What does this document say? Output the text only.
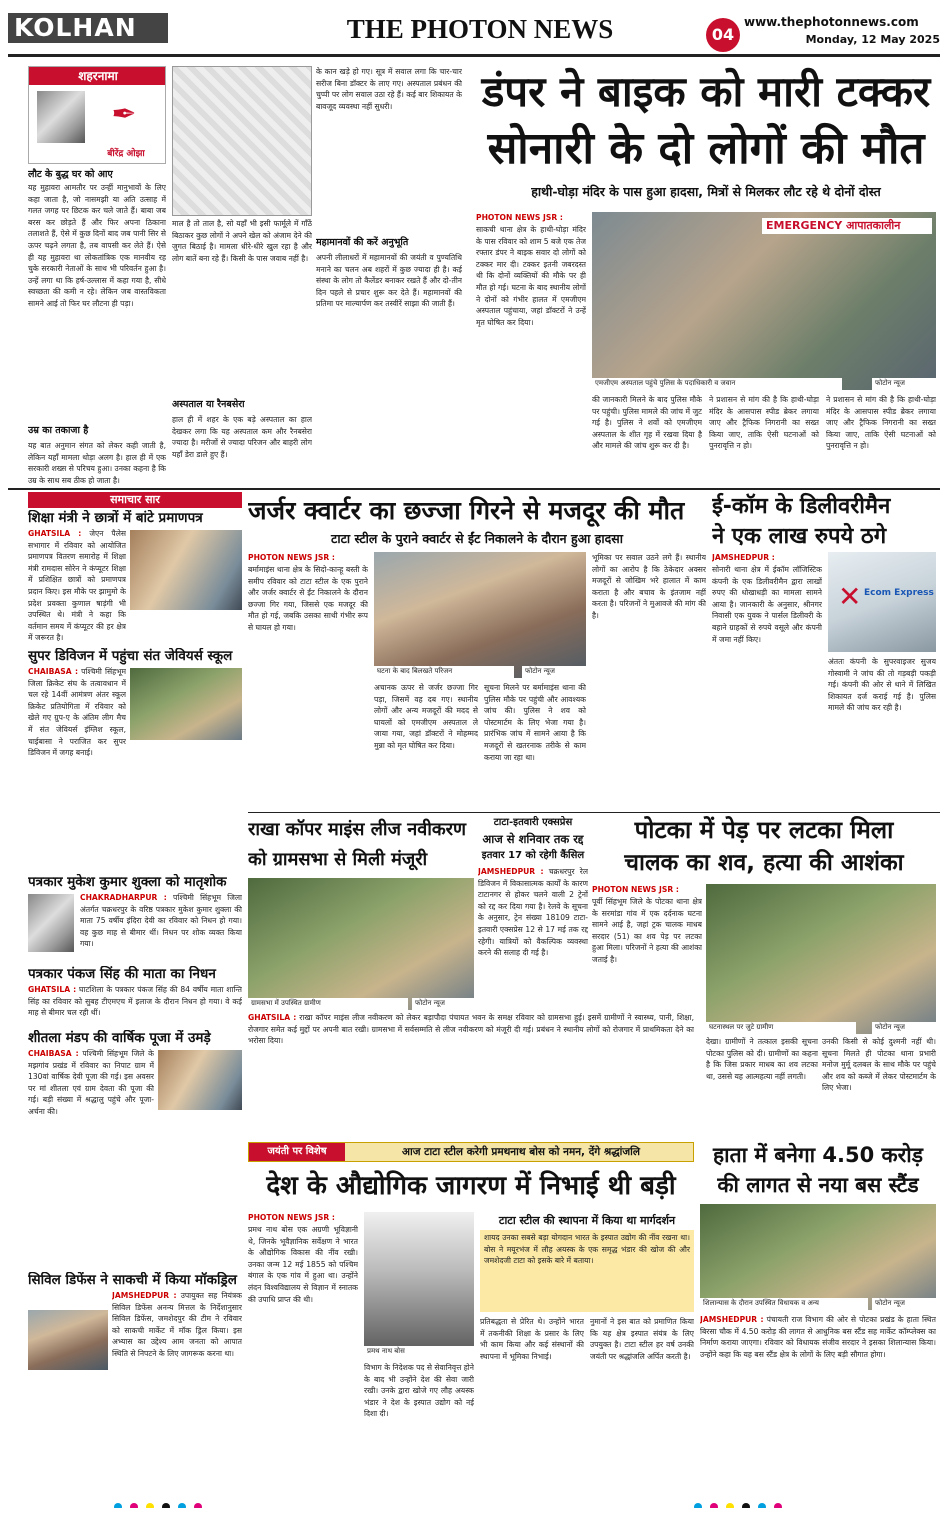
KOLHAN	THE PHOTON NEWS	04
www.thephotonnews.com
Monday, 12 May 2025
शहरनामा
✒
बीरेंद्र ओझा
लौट के बुद्ध घर को आए
यह मुहावरा आमतौर पर उन्हीं मानुभावों के लिए कहा जाता है, जो नासमझी या अति उत्साह में गलत जगह पर छिटक कर चले जाते हैं। बाबा जब बरस कर छोड़ते हैं और फिर अपना ठिकाना तलाशते हैं, ऐसे में कुछ दिनों बाद जब पानी सिर से ऊपर चढ़ने लगता है, तब वापसी कर लेते हैं। ऐसे ही यह मुहावरा था लोकतांत्रिक एक मानवीय रह चुके सरकारी नेताओं के साथ भी परिवर्तन हुआ है। उन्हें लगा था कि हर्ष-उल्लास में कहा गया है, सीधे स्वच्छता की कमी न रहे। लेकिन जब वास्तविकता सामने आई तो फिर घर लौटना ही पड़ा।
उम्र का तकाजा है
यह बात अनुमान संगत को लेकर कही जाती है, लेकिन यहाँ मामला थोड़ा अलग है। हाल ही में एक सरकारी शख्स से परिचय हुआ। उनका कहना है कि उम्र के साथ सब ठीक हो जाता है।
माल है तो ताल है, सो यहाँ भी इसी फार्मूले में गाँठें बिठाकर कुछ लोगों ने अपने खेल को अंजाम देने की जुगत बिठाई है। मामला धीरे-धीरे खुल रहा है और लोग बातें बना रहे हैं। किसी के पास जवाब नहीं है।
अस्पताल या रैनबसेरा
हाल ही में शहर के एक बड़े अस्पताल का हाल देखकर लगा कि यह अस्पताल कम और रैनबसेरा ज्यादा है। मरीजों से ज्यादा परिजन और बाहरी लोग यहाँ डेरा डाले हुए हैं।
के कान खड़े हो गए। सूत्र में सवाल लगा कि चार-चार सरीज बिना डॉक्टर के लाए गए। अस्पताल प्रबंधन की चुप्पी पर लोग सवाल उठा रहे हैं। कई बार शिकायत के बावजूद व्यवस्था नहीं सुधरी।
महामानवों की करें अनुभूति
अपनी लीलाधरों में महामानवों की जयंती व पुण्यतिथि मनाने का चलन अब शहरों में कुछ ज्यादा ही है। कई संस्था के लोग तो कैलेंडर बनाकर रखते हैं और दो-तीन दिन पहले से प्रचार शुरू कर देते हैं। महामानवों की प्रतिमा पर माल्यार्पण कर तस्वीरें साझा की जाती हैं।
डंपर ने बाइक को मारी टक्कर
सोनारी के दो लोगों की मौत
हाथी-घोड़ा मंदिर के पास हुआ हादसा, मित्रों से मिलकर लौट रहे थे दोनों दोस्त
PHOTON NEWS JSR :
साकची थाना क्षेत्र के हाथी-घोड़ा मंदिर के पास रविवार को शाम 5 बजे एक तेज रफ्तार डंपर ने बाइक सवार दो लोगों को टक्कर मार दी। टक्कर इतनी जबरदस्त थी कि दोनों व्यक्तियों की मौके पर ही मौत हो गई। घटना के बाद स्थानीय लोगों ने दोनों को गंभीर हालत में एमजीएम अस्पताल पहुंचाया, जहां डॉक्टरों ने उन्हें मृत घोषित कर दिया।
EMERGENCY आपातकालीन
एमजीएम अस्पताल पहुंचे पुलिस के पदाधिकारी व जवान	फोटोन न्यूज
की जानकारी मिलने के बाद पुलिस मौके पर पहुंची। पुलिस मामले की जांच में जुट गई है। पुलिस ने शवों को एमजीएम अस्पताल के शीत गृह में रखवा दिया है और मामले की जांच शुरू कर दी है।
ने प्रशासन से मांग की है कि हाथी-घोड़ा मंदिर के आसपास स्पीड ब्रेकर लगाया जाए और ट्रैफिक निगरानी का सख्त किया जाए, ताकि ऐसी घटनाओं को पुनरावृत्ति न हो।
ने प्रशासन से मांग की है कि हाथी-घोड़ा मंदिर के आसपास स्पीड ब्रेकर लगाया जाए और ट्रैफिक निगरानी का सख्त किया जाए, ताकि ऐसी घटनाओं को पुनरावृत्ति न हो।
समाचार सार
शिक्षा मंत्री ने छात्रों में बांटे प्रमाणपत्र
GHATSILA : जेएन पैलेस सभागार में रविवार को आयोजित प्रमाणपत्र वितरण समारोह में शिक्षा मंत्री रामदास सोरेन ने कंप्यूटर शिक्षा में प्रशिक्षित छात्रों को प्रमाणपत्र प्रदान किए। इस मौके पर झामुमो के प्रदेश प्रवक्ता कुणाल षाड़ंगी भी उपस्थित थे। मंत्री ने कहा कि वर्तमान समय में कंप्यूटर की हर क्षेत्र में जरूरत है।
सुपर डिविजन में पहुंचा संत जेवियर्स स्कूल
CHAIBASA : पश्चिमी सिंहभूम जिला क्रिकेट संघ के तत्वावधान में चल रहे 14वीं आमंत्रण अंतर स्कूल क्रिकेट प्रतियोगिता में रविवार को खेले गए ग्रुप-ए के अंतिम लीग मैच में संत जेवियर्स इंग्लिश स्कूल, चाईबासा ने पराजित कर सुपर डिविजन में जगह बनाई।
पत्रकार मुकेश कुमार शुक्ला को मातृशोक
CHAKRADHARPUR : पश्चिमी सिंहभूम जिला अंतर्गत चक्रधरपुर के वरिष्ठ पत्रकार मुकेश कुमार शुक्ला की माता 75 वर्षीय इंदिरा देवी का रविवार को निधन हो गया। वह कुछ माह से बीमार थीं। निधन पर शोक व्यक्त किया गया।
पत्रकार पंकज सिंह की माता का निधन
GHATSILA : घाटशिला के पत्रकार पंकज सिंह की 84 वर्षीय माता शान्ति सिंह का रविवार को सुबह टीएमएच में इलाज के दौरान निधन हो गया। वे कई माह से बीमार चल रही थीं।
शीतला मंडप की वार्षिक पूजा में उमड़े
CHAIBASA : पश्चिमी सिंहभूम जिले के मझगांव प्रखंड में रविवार का निपाट ग्राम में 130वां वार्षिक देवी पूजा की गई। इस अवसर पर मां शीतला एवं ग्राम देवता की पूजा की गई। बड़ी संख्या में श्रद्धालु पहुंचे और पूजा-अर्चना की।
सिविल डिफेंस ने साकची में किया मॉकड्रिल
JAMSHEDPUR : उपायुक्त सह नियंत्रक सिविल डिफेंस अनन्य मित्तल के निर्देशानुसार सिविल डिफेंस, जमशेदपुर की टीम ने रविवार को साकची मार्केट में मॉक ड्रिल किया। इस अभ्यास का उद्देश्य आम जनता को आपात स्थिति से निपटने के लिए जागरूक करना था।
जर्जर क्वार्टर का छज्जा गिरने से मजदूर की मौत
टाटा स्टील के पुराने क्वार्टर से ईंट निकालने के दौरान हुआ हादसा
PHOTON NEWS JSR :
बर्मामाइंस थाना क्षेत्र के सिदो-कान्हू बस्ती के समीप रविवार को टाटा स्टील के एक पुराने और जर्जर क्वार्टर से ईंट निकालने के दौरान छज्जा गिर गया, जिससे एक मजदूर की मौत हो गई, जबकि उसका साथी गंभीर रूप से घायल हो गया।
घटना के बाद बिलखते परिजन	फोटोन न्यूज
अचानक ऊपर से जर्जर छज्जा गिर पड़ा, जिसमें वह दब गए। स्थानीय लोगों और अन्य मजदूरों की मदद से घायलों को एमजीएम अस्पताल ले जाया गया, जहां डॉक्टरों ने मोहम्मद मुन्ना को मृत घोषित कर दिया।
सूचना मिलने पर बर्मामाइंस थाना की पुलिस मौके पर पहुंची और आवश्यक जांच की। पुलिस ने शव को पोस्टमार्टम के लिए भेजा गया है। प्रारंभिक जांच में सामने आया है कि मजदूरों से खतरनाक तरीके से काम कराया जा रहा था।
भूमिका पर सवाल उठने लगे हैं। स्थानीय लोगों का आरोप है कि ठेकेदार अक्सर मजदूरों से जोखिम भरे हालात में काम कराता है और बचाव के इंतजाम नहीं करता है। परिजनों ने मुआवजे की मांग की है।
ई-कॉम के डिलीवरीमैन
ने एक लाख रुपये ठगे
✕ Ecom Express
JAMSHEDPUR :
सोनारी थाना क्षेत्र में ईकॉम लॉजिस्टिक कंपनी के एक डिलीवरीमैन द्वारा लाखों रुपए की धोखाधड़ी का मामला सामने आया है। जानकारी के अनुसार, श्रीनगर निवासी एक युवक ने पार्सल डिलीवरी के बहाने ग्राहकों से रुपये वसूले और कंपनी में जमा नहीं किए।
अंततः कंपनी के सुपरवाइजर सुजय गोस्वामी ने जांच की तो गड़बड़ी पकड़ी गई। कंपनी की ओर से थाने में लिखित शिकायत दर्ज कराई गई है। पुलिस मामले की जांच कर रही है।
राखा कॉपर माइंस लीज नवीकरण
को ग्रामसभा से मिली मंजूरी
ग्रामसभा में उपस्थित ग्रामीण	फोटोन न्यूज
GHATSILA : राखा कॉपर माइंस लीज नवीकरण को लेकर बड़ापौदा पंचायत भवन के समक्ष रविवार को ग्रामसभा हुई। इसमें ग्रामीणों ने स्वास्थ्य, पानी, शिक्षा, रोजगार समेत कई मुद्दों पर अपनी बात रखी। ग्रामसभा में सर्वसम्मति से लीज नवीकरण को मंजूरी दी गई। प्रबंधन ने स्थानीय लोगों को रोजगार में प्राथमिकता देने का भरोसा दिया।
टाटा-इतवारी एक्सप्रेस
आज से शनिवार तक रद्द
इतवार 17 को रहेगी कैंसिल
JAMSHEDPUR : चक्रधरपुर रेल डिविजन में विकासात्मक कार्यों के कारण टाटानगर से होकर चलने वाली 2 ट्रेनों को रद्द कर दिया गया है। रेलवे के सूचना के अनुसार, ट्रेन संख्या 18109 टाटा-इतवारी एक्सप्रेस 12 से 17 मई तक रद्द रहेगी। यात्रियों को वैकल्पिक व्यवस्था करने की सलाह दी गई है।
पोटका में पेड़ पर लटका मिला
चालक का शव, हत्या की आशंका
PHOTON NEWS JSR :
पूर्वी सिंहभूम जिले के पोटका थाना क्षेत्र के सरमांडा गांव में एक दर्दनाक घटना सामने आई है, जहां ट्रक चालक माधब सरदार (51) का शव पेड़ पर लटका हुआ मिला। परिजनों ने हत्या की आशंका जताई है।
घटनास्थल पर जुटे ग्रामीण	फोटोन न्यूज
देखा। ग्रामीणों ने तत्काल इसकी सूचना पोटका पुलिस को दी। ग्रामीणों का कहना है कि जिस प्रकार माधब का शव लटका था, उससे यह आत्महत्या नहीं लगती।
उनकी किसी से कोई दुश्मनी नहीं थी। सूचना मिलते ही पोटका थाना प्रभारी मनोज मुर्मू दलबल के साथ मौके पर पहुंचे और शव को कब्जे में लेकर पोस्टमार्टम के लिए भेजा।
जयंती पर विशेष	आज टाटा स्टील करेगी प्रमथनाथ बोस को नमन, देंगे श्रद्धांजलि
देश के औद्योगिक जागरण में निभाई थी बड़ी
PHOTON NEWS JSR :
प्रमथ नाथ बोस एक अग्रणी भूविज्ञानी थे, जिनके भूवैज्ञानिक सर्वेक्षण ने भारत के औद्योगिक विकास की नींव रखी। उनका जन्म 12 मई 1855 को पश्चिम बंगाल के एक गांव में हुआ था। उन्होंने लंदन विश्वविद्यालय से विज्ञान में स्नातक की उपाधि प्राप्त की थी।
प्रमथ नाथ बोस
विभाग के निदेशक पद से सेवानिवृत्त होने के बाद भी उन्होंने देश की सेवा जारी रखी। उनके द्वारा खोजे गए लौह अयस्क भंडार ने देश के इस्पात उद्योग को नई दिशा दी।
टाटा स्टील की स्थापना में किया था मार्गदर्शन
शायद उनका सबसे बड़ा योगदान भारत के इस्पात उद्योग की नींव रखना था। बोस ने मयूरभंज में लौह अयस्क के एक समृद्ध भंडार की खोज की और जमशेदजी टाटा को इसके बारे में बताया।
प्रतिबद्धता से प्रेरित थे। उन्होंने भारत में तकनीकी शिक्षा के प्रसार के लिए भी काम किया और कई संस्थानों की स्थापना में भूमिका निभाई।
नुमानों ने इस बात को प्रमाणित किया कि यह क्षेत्र इस्पात संयंत्र के लिए उपयुक्त है। टाटा स्टील हर वर्ष उनकी जयंती पर श्रद्धांजलि अर्पित करती है।
हाता में बनेगा 4.50 करोड़
की लागत से नया बस स्टैंड
शिलान्यास के दौरान उपस्थित विधायक व अन्य	फोटोन न्यूज
JAMSHEDPUR : पंचायती राज विभाग की ओर से पोटका प्रखंड के हाता स्थित बिरसा चौक में 4.50 करोड़ की लागत से आधुनिक बस स्टैंड सह मार्केट कॉम्प्लेक्स का निर्माण कराया जाएगा। रविवार को विधायक संजीव सरदार ने इसका शिलान्यास किया। उन्होंने कहा कि यह बस स्टैंड क्षेत्र के लोगों के लिए बड़ी सौगात होगा।
